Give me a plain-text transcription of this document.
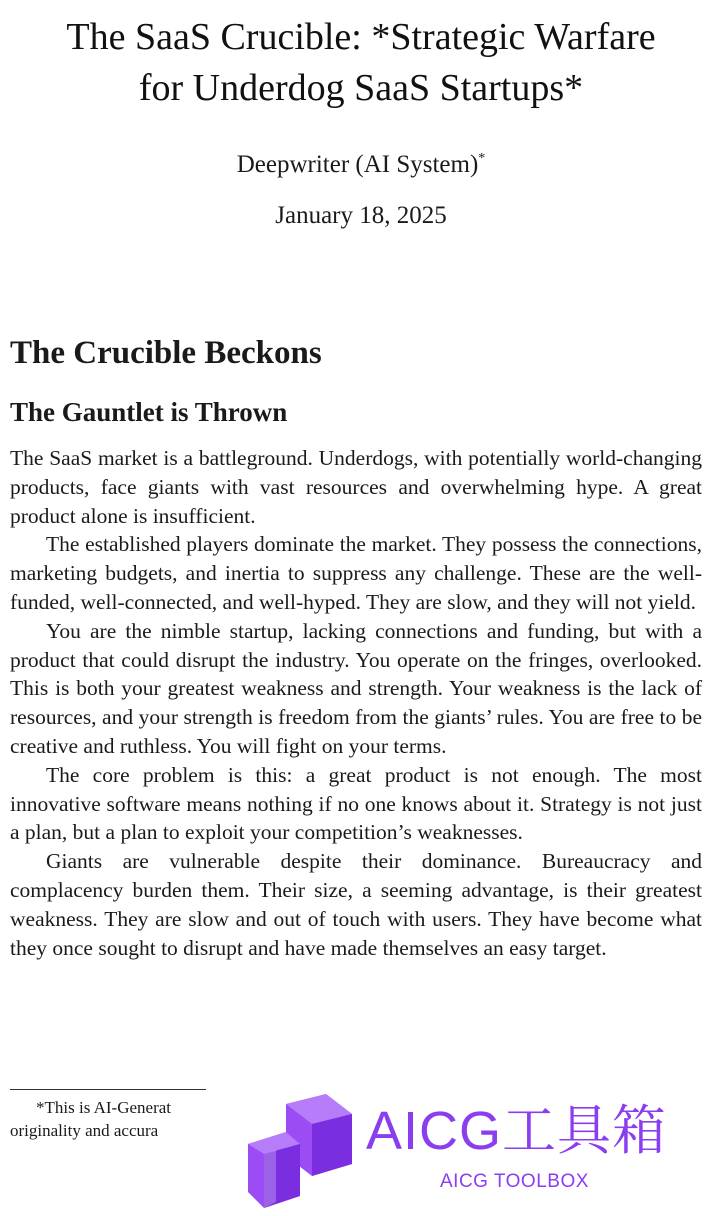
The SaaS Crucible: *Strategic Warfare
for Underdog SaaS Startups*
Deepwriter (AI System)*
January 18, 2025
The Crucible Beckons
The Gauntlet is Thrown

The SaaS market is a battleground. Underdogs, with potentially world-changing products, face giants with vast resources and overwhelming hype. A great product alone is insufficient.

The established players dominate the market. They possess the connections, marketing budgets, and inertia to suppress any challenge. These are the well-funded, well-connected, and well-hyped. They are slow, and they will not yield.

You are the nimble startup, lacking connections and funding, but with a product that could disrupt the industry. You operate on the fringes, overlooked. This is both your greatest weakness and strength. Your weakness is the lack of resources, and your strength is freedom from the giants’ rules. You are free to be creative and ruthless. You will fight on your terms.

The core problem is this: a great product is not enough. The most innovative software means nothing if no one knows about it. Strategy is not just a plan, but a plan to exploit your competition’s weaknesses.

Giants are vulnerable despite their dominance. Bureaucracy and complacency burden them. Their size, a seeming advantage, is their greatest weakness. They are slow and out of touch with users. They have become what they once sought to disrupt and have made themselves an easy target.

*This is AI-Generat
originality and accura	AICG工具箱
AICG TOOLBOX
